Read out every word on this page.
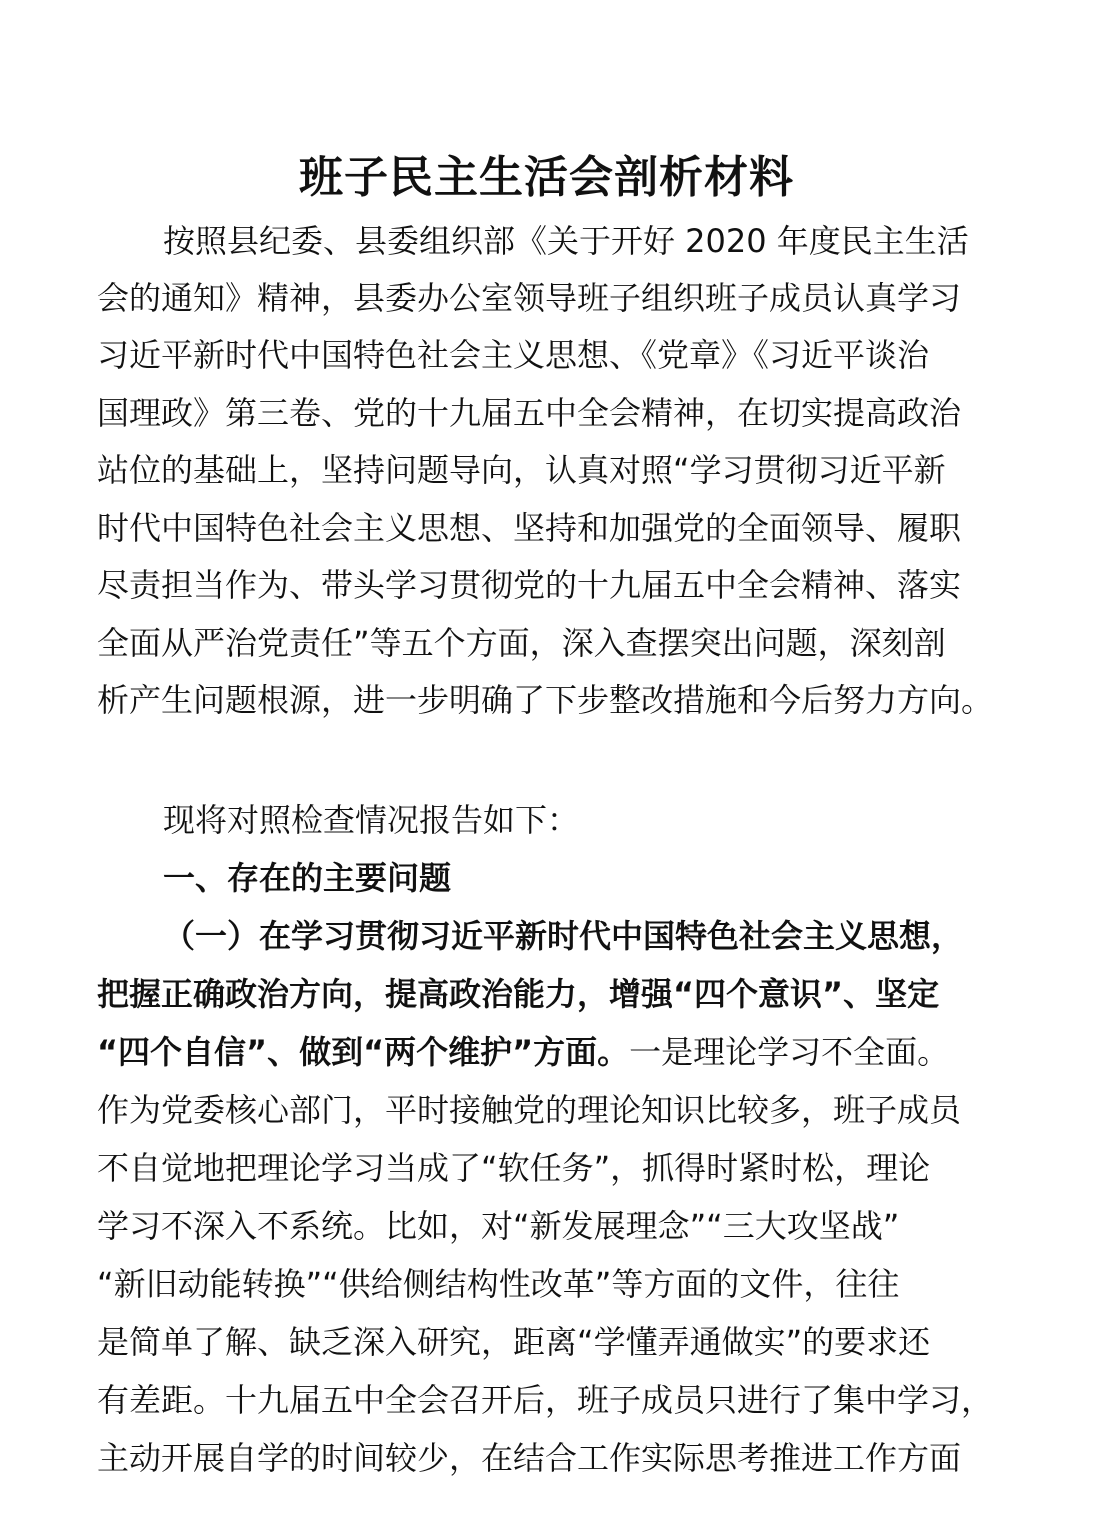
班子民主生活会剖析材料
按照县纪委、县委组织部《关于开好 2020 年度民主生活
会的通知》精神，县委办公室领导班子组织班子成员认真学习
习近平新时代中国特色社会主义思想、《党章》《习近平谈治
国理政》第三卷、党的十九届五中全会精神，在切实提高政治
站位的基础上，坚持问题导向，认真对照“学习贯彻习近平新
时代中国特色社会主义思想、坚持和加强党的全面领导、履职
尽责担当作为、带头学习贯彻党的十九届五中全会精神、落实
全面从严治党责任”等五个方面，深入查摆突出问题，深刻剖
析产生问题根源，进一步明确了下步整改措施和今后努力方向。
现将对照检查情况报告如下：
一、存在的主要问题
（一）在学习贯彻习近平新时代中国特色社会主义思想，
把握正确政治方向，提高政治能力，增强“四个意识”、坚定
“四个自信”、做到“两个维护”方面。一是理论学习不全面。
作为党委核心部门，平时接触党的理论知识比较多，班子成员
不自觉地把理论学习当成了“软任务”，抓得时紧时松，理论
学习不深入不系统。比如，对“新发展理念”“三大攻坚战”
“新旧动能转换”“供给侧结构性改革”等方面的文件，往往
是简单了解、缺乏深入研究，距离“学懂弄通做实”的要求还
有差距。十九届五中全会召开后，班子成员只进行了集中学习，
主动开展自学的时间较少，在结合工作实际思考推进工作方面
